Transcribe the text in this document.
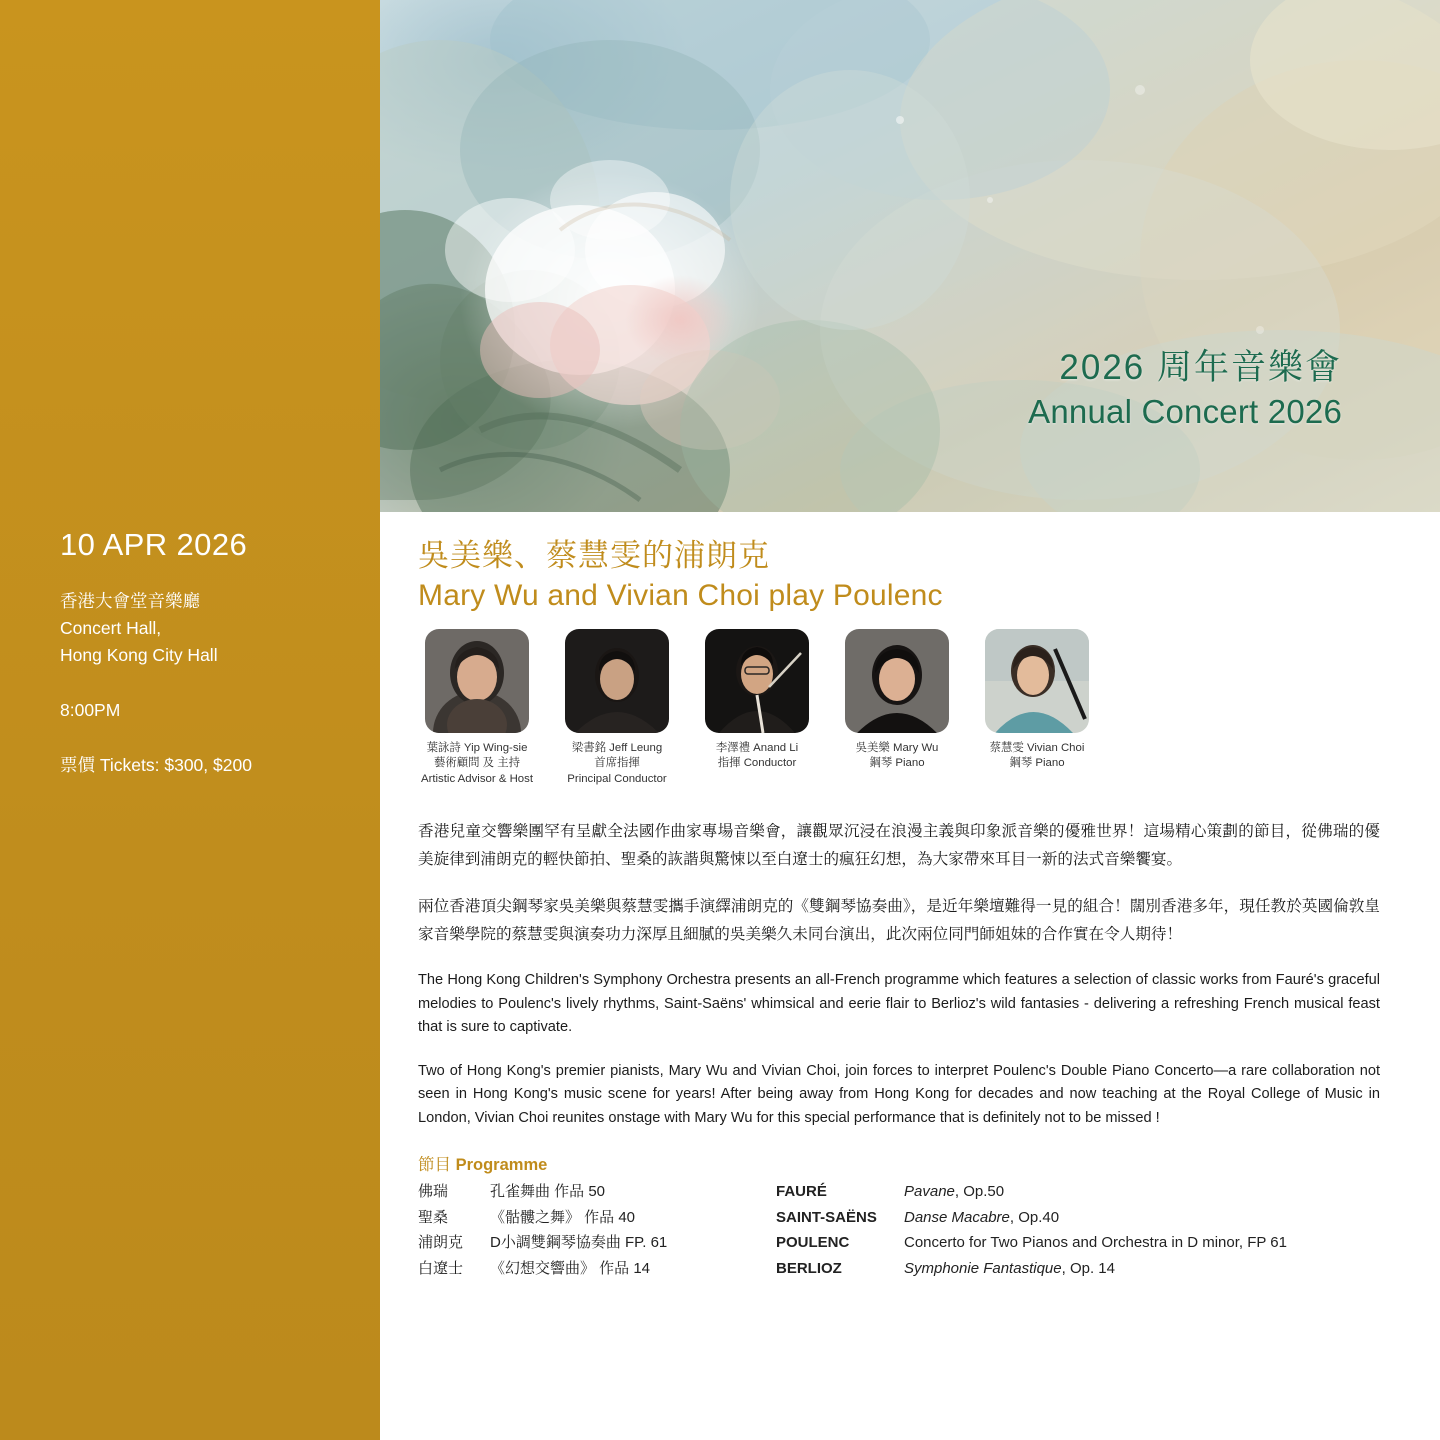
10 APR 2026
香港大會堂音樂廳
Concert Hall,
Hong Kong City Hall
8:00PM
票價 Tickets: $300, $200
2026 周年音樂會
Annual Concert 2026
吳美樂、蔡慧雯的浦朗克
Mary Wu and Vivian Choi play Poulenc
葉詠詩 Yip Wing-sie
藝術顧問 及 主持
Artistic Advisor & Host
梁書銘 Jeff Leung
首席指揮
Principal Conductor
李澤禮 Anand Li
指揮 Conductor
吳美樂 Mary Wu
鋼琴 Piano
蔡慧雯 Vivian Choi
鋼琴 Piano

香港兒童交響樂團罕有呈獻全法國作曲家專場音樂會，讓觀眾沉浸在浪漫主義與印象派音樂的優雅世界！這場精心策劃的節目，從佛瑞的優美旋律到浦朗克的輕快節拍、聖桑的詼諧與驚悚以至白遼士的瘋狂幻想，為大家帶來耳目一新的法式音樂饗宴。

兩位香港頂尖鋼琴家吳美樂與蔡慧雯攜手演繹浦朗克的《雙鋼琴協奏曲》，是近年樂壇難得一見的組合！闊別香港多年，現任教於英國倫敦皇家音樂學院的蔡慧雯與演奏功力深厚且細膩的吳美樂久未同台演出，此次兩位同門師姐妹的合作實在令人期待！

The Hong Kong Children's Symphony Orchestra presents an all-French programme which features a selection of classic works from Fauré's graceful melodies to Poulenc's lively rhythms, Saint-Saëns' whimsical and eerie flair to Berlioz's wild fantasies - delivering a refreshing French musical feast that is sure to captivate.

Two of Hong Kong's premier pianists, Mary Wu and Vivian Choi, join forces to interpret Poulenc's Double Piano Concerto—a rare collaboration not seen in Hong Kong's music scene for years! After being away from Hong Kong for decades and now teaching at the Royal College of Music in London, Vivian Choi reunites onstage with Mary Wu for this special performance that is definitely not to be missed !

節目 Programme
佛瑞	孔雀舞曲 作品 50	FAURÉ	Pavane, Op.50
聖桑	《骷髏之舞》 作品 40	SAINT-SAËNS	Danse Macabre, Op.40
浦朗克	D小調雙鋼琴協奏曲 FP. 61	POULENC	Concerto for Two Pianos and Orchestra in D minor, FP 61
白遼士	《幻想交響曲》 作品 14	BERLIOZ	Symphonie Fantastique, Op. 14
